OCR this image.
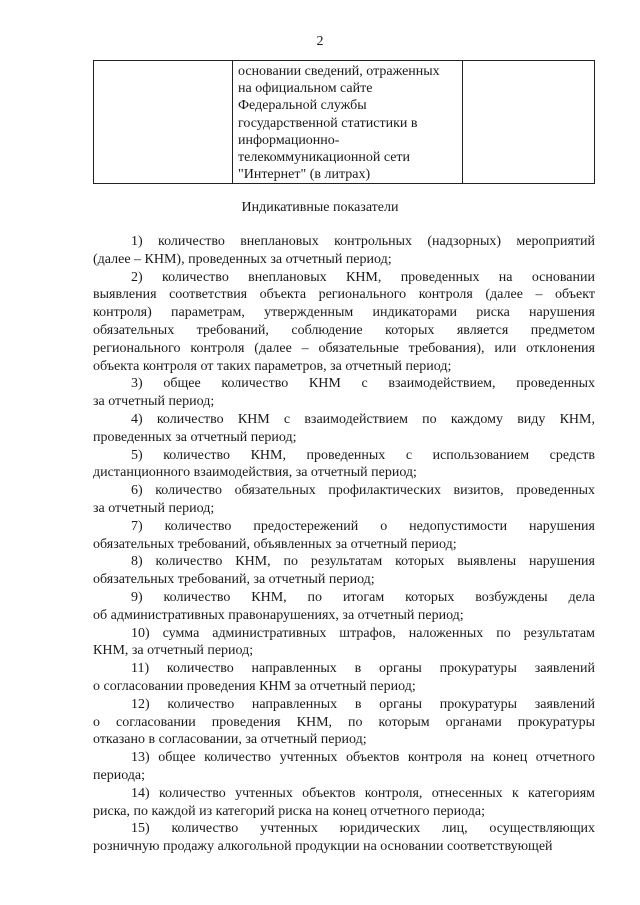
2
основании сведений, отраженных
на официальном сайте
Федеральной службы
государственной статистики в
информационно-
телекоммуникационной сети
"Интернет" (в литрах)
Индикативные показатели

1) количество внеплановых контрольных (надзорных) мероприятий
(далее – КНМ), проведенных за отчетный период;

2) количество внеплановых КНМ, проведенных на основании
выявления соответствия объекта регионального контроля (далее – объект
контроля) параметрам, утвержденным индикаторами риска нарушения
обязательных требований, соблюдение которых является предметом
регионального контроля (далее – обязательные требования), или отклонения
объекта контроля от таких параметров, за отчетный период;

3) общее количество КНМ с взаимодействием, проведенных
за отчетный период;

4) количество КНМ с взаимодействием по каждому виду КНМ,
проведенных за отчетный период;

5) количество КНМ, проведенных с использованием средств
дистанционного взаимодействия, за отчетный период;

6) количество обязательных профилактических визитов, проведенных
за отчетный период;

7) количество предостережений о недопустимости нарушения
обязательных требований, объявленных за отчетный период;

8) количество КНМ, по результатам которых выявлены нарушения
обязательных требований, за отчетный период;

9) количество КНМ, по итогам которых возбуждены дела
об административных правонарушениях, за отчетный период;

10) сумма административных штрафов, наложенных по результатам
КНМ, за отчетный период;

11) количество направленных в органы прокуратуры заявлений
о согласовании проведения КНМ за отчетный период;

12) количество направленных в органы прокуратуры заявлений
о согласовании проведения КНМ, по которым органами прокуратуры
отказано в согласовании, за отчетный период;

13) общее количество учтенных объектов контроля на конец отчетного
периода;

14) количество учтенных объектов контроля, отнесенных к категориям
риска, по каждой из категорий риска на конец отчетного периода;

15) количество учтенных юридических лиц, осуществляющих
розничную продажу алкогольной продукции на основании соответствующей
